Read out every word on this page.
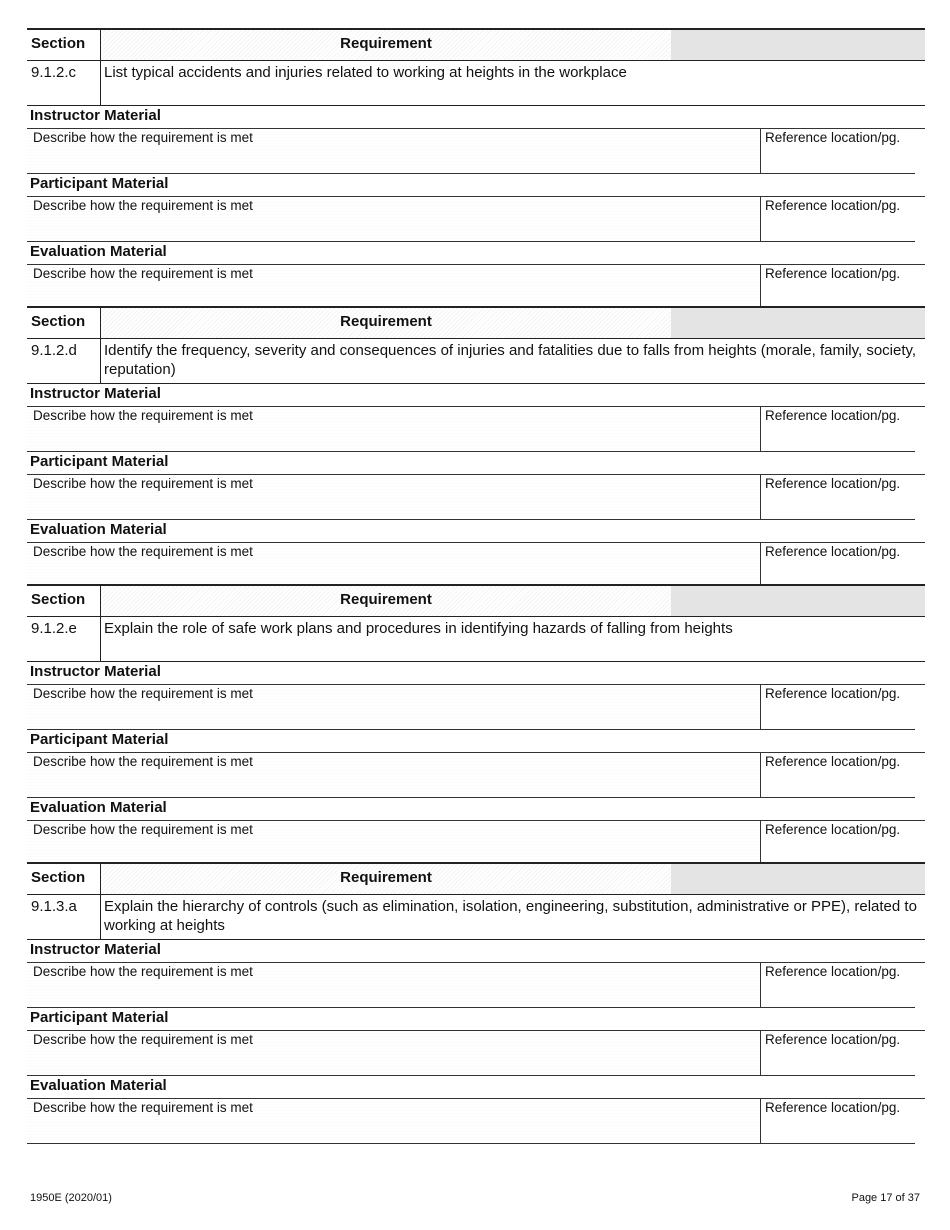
Section	Requirement
9.1.2.c	List typical accidents and injuries related to working at heights in the workplace
Instructor Material
Describe how the requirement is met	Reference location/pg.
Participant Material
Describe how the requirement is met	Reference location/pg.
Evaluation Material
Describe how the requirement is met	Reference location/pg.
Section	Requirement
9.1.2.d	Identify the frequency, severity and consequences of injuries and fatalities due to falls from heights (morale, family, society, reputation)
Instructor Material
Describe how the requirement is met	Reference location/pg.
Participant Material
Describe how the requirement is met	Reference location/pg.
Evaluation Material
Describe how the requirement is met	Reference location/pg.
Section	Requirement
9.1.2.e	Explain the role of safe work plans and procedures in identifying hazards of falling from heights
Instructor Material
Describe how the requirement is met	Reference location/pg.
Participant Material
Describe how the requirement is met	Reference location/pg.
Evaluation Material
Describe how the requirement is met	Reference location/pg.
Section	Requirement
9.1.3.a	Explain the hierarchy of controls (such as elimination, isolation, engineering, substitution, administrative or PPE), related to working at heights
Instructor Material
Describe how the requirement is met	Reference location/pg.
Participant Material
Describe how the requirement is met	Reference location/pg.
Evaluation Material
Describe how the requirement is met	Reference location/pg.
1950E (2020/01)	Page 17 of 37
